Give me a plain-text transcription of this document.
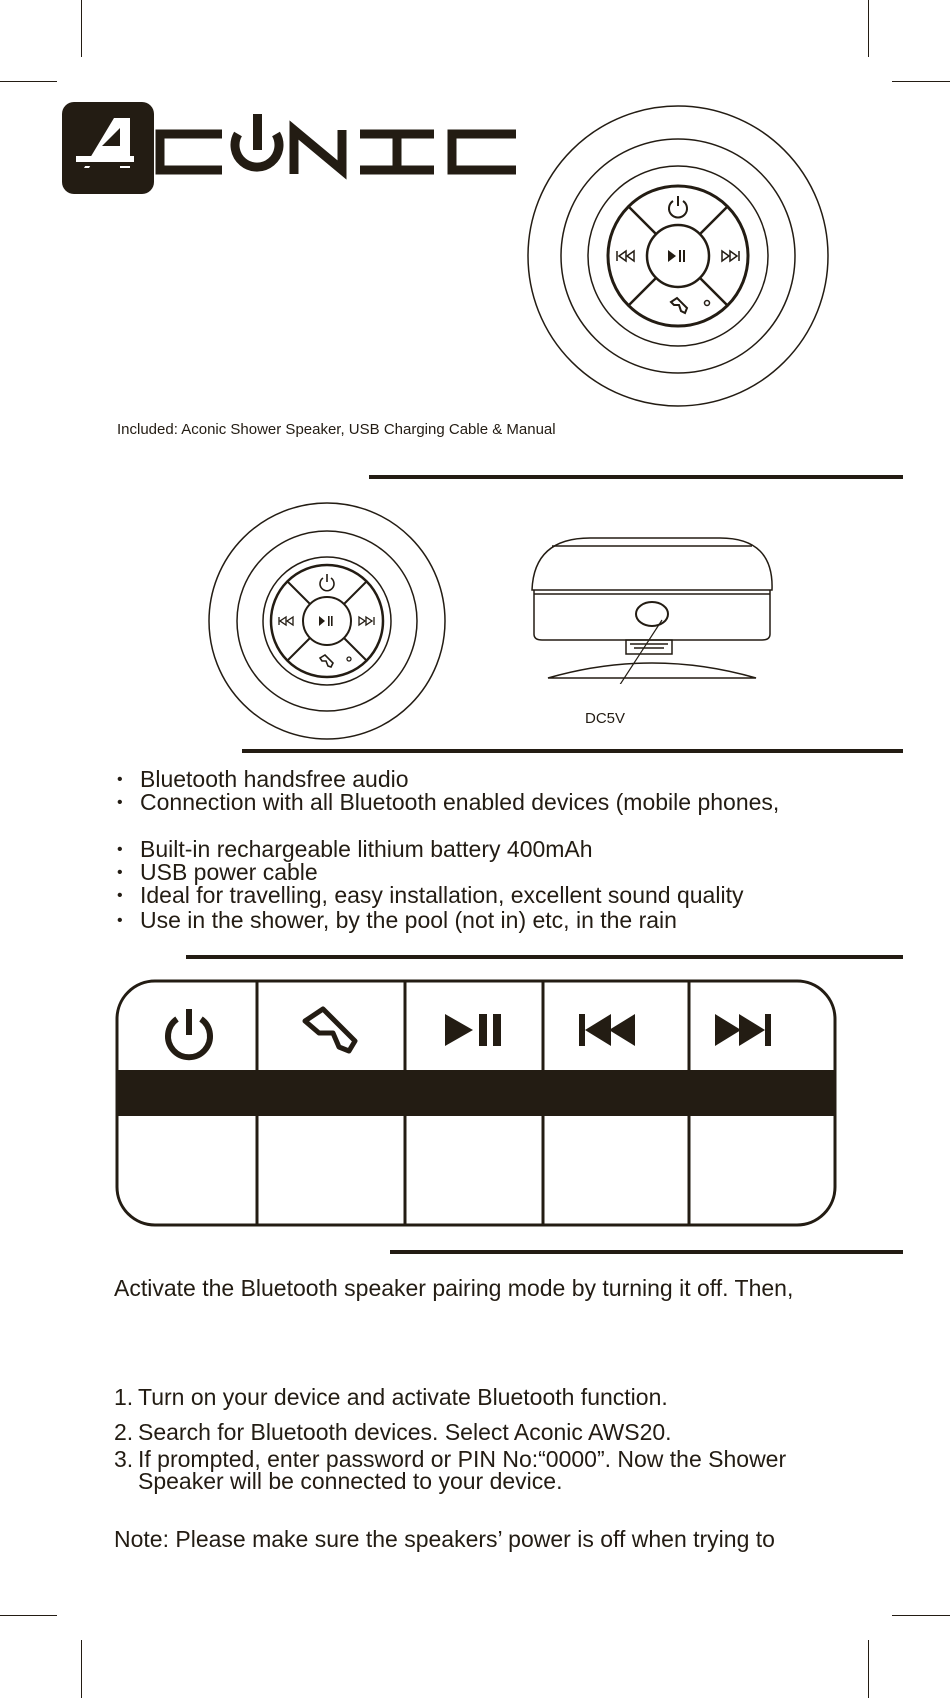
Included: Aconic Shower Speaker, USB Charging Cable & Manual
DC5V
• Bluetooth handsfree audio
• Connection with all Bluetooth enabled devices (mobile phones,
• Built-in rechargeable lithium battery 400mAh
• USB power cable
• Ideal for travelling, easy installation, excellent sound quality
• Use in the shower, by the pool (not in) etc, in the rain
Activate the Bluetooth speaker pairing mode by turning it off. Then,
1. Turn on your device and activate Bluetooth function.
2. Search for Bluetooth devices. Select Aconic AWS20.
3. If prompted, enter password or PIN No:“0000”. Now the Shower Speaker will be connected to your device.
Note: Please make sure the speakers’ power is off when trying to
